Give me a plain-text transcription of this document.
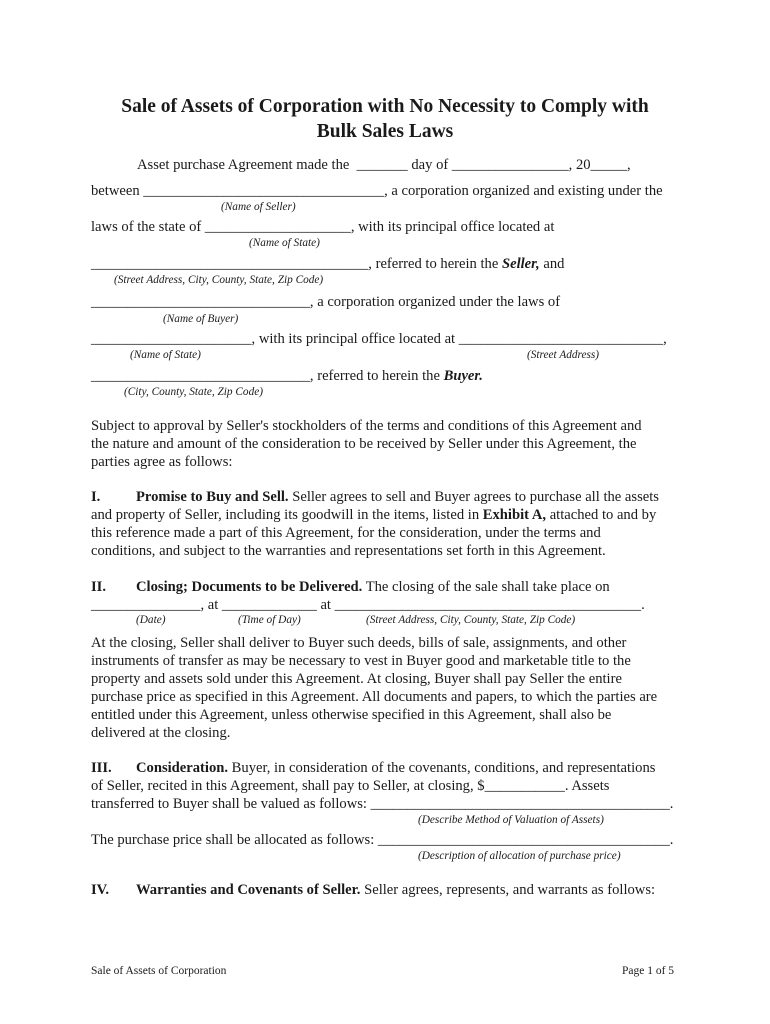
Sale of Assets of Corporation with No Necessity to Comply with
Bulk Sales Laws
Asset purchase Agreement made the  _______ day of ________________, 20_____,
between _________________________________, a corporation organized and existing under the
(Name of Seller)
laws of the state of ____________________, with its principal office located at
(Name of State)
______________________________________, referred to herein the Seller, and
(Street Address, City, County, State, Zip Code)
______________________________, a corporation organized under the laws of
(Name of Buyer)
______________________, with its principal office located at ____________________________,
(Name of State)	(Street Address)
______________________________, referred to herein the Buyer.
(City, County, State, Zip Code)
Subject to approval by Seller's stockholders of the terms and conditions of this Agreement and
the nature and amount of the consideration to be received by Seller under this Agreement, the
parties agree as follows:
I. Promise to Buy and Sell. Seller agrees to sell and Buyer agrees to purchase all the assets
and property of Seller, including its goodwill in the items, listed in Exhibit A, attached to and by
this reference made a part of this Agreement, for the consideration, under the terms and
conditions, and subject to the warranties and representations set forth in this Agreement.
II. Closing; Documents to be Delivered. The closing of the sale shall take place on
_______________, at _____________ at __________________________________________.
(Date)	(Time of Day)	(Street Address, City, County, State, Zip Code)
At the closing, Seller shall deliver to Buyer such deeds, bills of sale, assignments, and other
instruments of transfer as may be necessary to vest in Buyer good and marketable title to the
property and assets sold under this Agreement. At closing, Buyer shall pay Seller the entire
purchase price as specified in this Agreement. All documents and papers, to which the parties are
entitled under this Agreement, unless otherwise specified in this Agreement, shall also be
delivered at the closing.
III. Consideration. Buyer, in consideration of the covenants, conditions, and representations
of Seller, recited in this Agreement, shall pay to Seller, at closing, $___________. Assets
transferred to Buyer shall be valued as follows: _________________________________________.
(Describe Method of Valuation of Assets)
The purchase price shall be allocated as follows: ________________________________________.
(Description of allocation of purchase price)
IV. Warranties and Covenants of Seller. Seller agrees, represents, and warrants as follows:
Sale of Assets of Corporation	Page 1 of 5
